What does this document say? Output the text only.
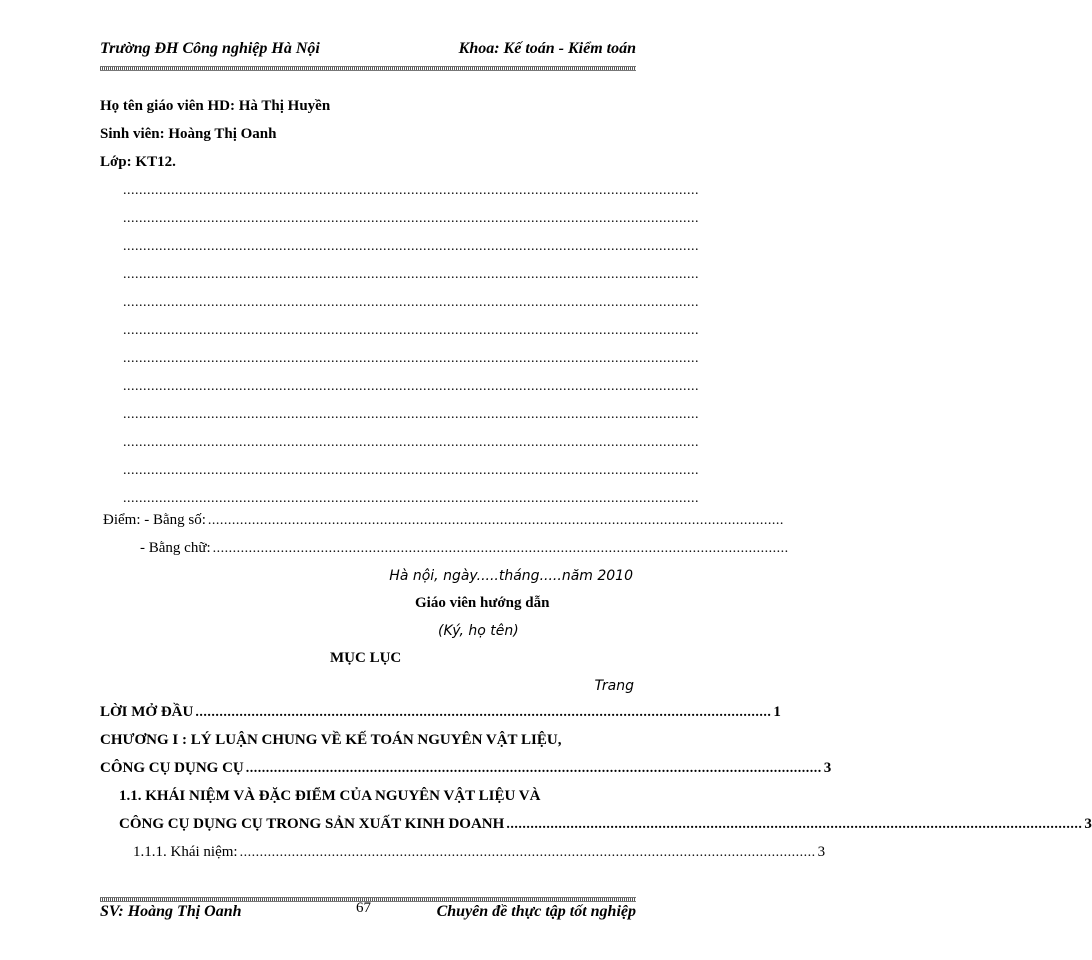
Trường ĐH Công nghiệp Hà Nội	Khoa: Kế toán - Kiểm toán
Họ tên giáo viên HD: Hà Thị Huyền
Sinh viên: Hoàng Thị Oanh
Lớp: KT12.
................................................................................................................................................
................................................................................................................................................
................................................................................................................................................
................................................................................................................................................
................................................................................................................................................
................................................................................................................................................
................................................................................................................................................
................................................................................................................................................
................................................................................................................................................
................................................................................................................................................
................................................................................................................................................
................................................................................................................................................
Điểm: - Bằng số: ................................................................................................................................................
- Bằng chữ: ................................................................................................................................................
Hà nội, ngày.....tháng.....năm 2010
Giáo viên hướng dẫn
(Ký, họ tên)
MỤC LỤC
Trang
LỜI MỞ ĐẦU ................................................................................................................................................ 1
CHƯƠNG I : LÝ LUẬN CHUNG VỀ KẾ TOÁN NGUYÊN VẬT LIỆU,
CÔNG CỤ DỤNG CỤ ................................................................................................................................................ 3
1.1. KHÁI NIỆM VÀ ĐẶC ĐIỂM CỦA NGUYÊN VẬT LIỆU VÀ
CÔNG CỤ DỤNG CỤ TRONG SẢN XUẤT KINH DOANH ................................................................................................................................................ 3
1.1.1. Khái niệm: ................................................................................................................................................ 3
SV: Hoàng Thị Oanh	67	Chuyên đề thực tập tốt nghiệp
